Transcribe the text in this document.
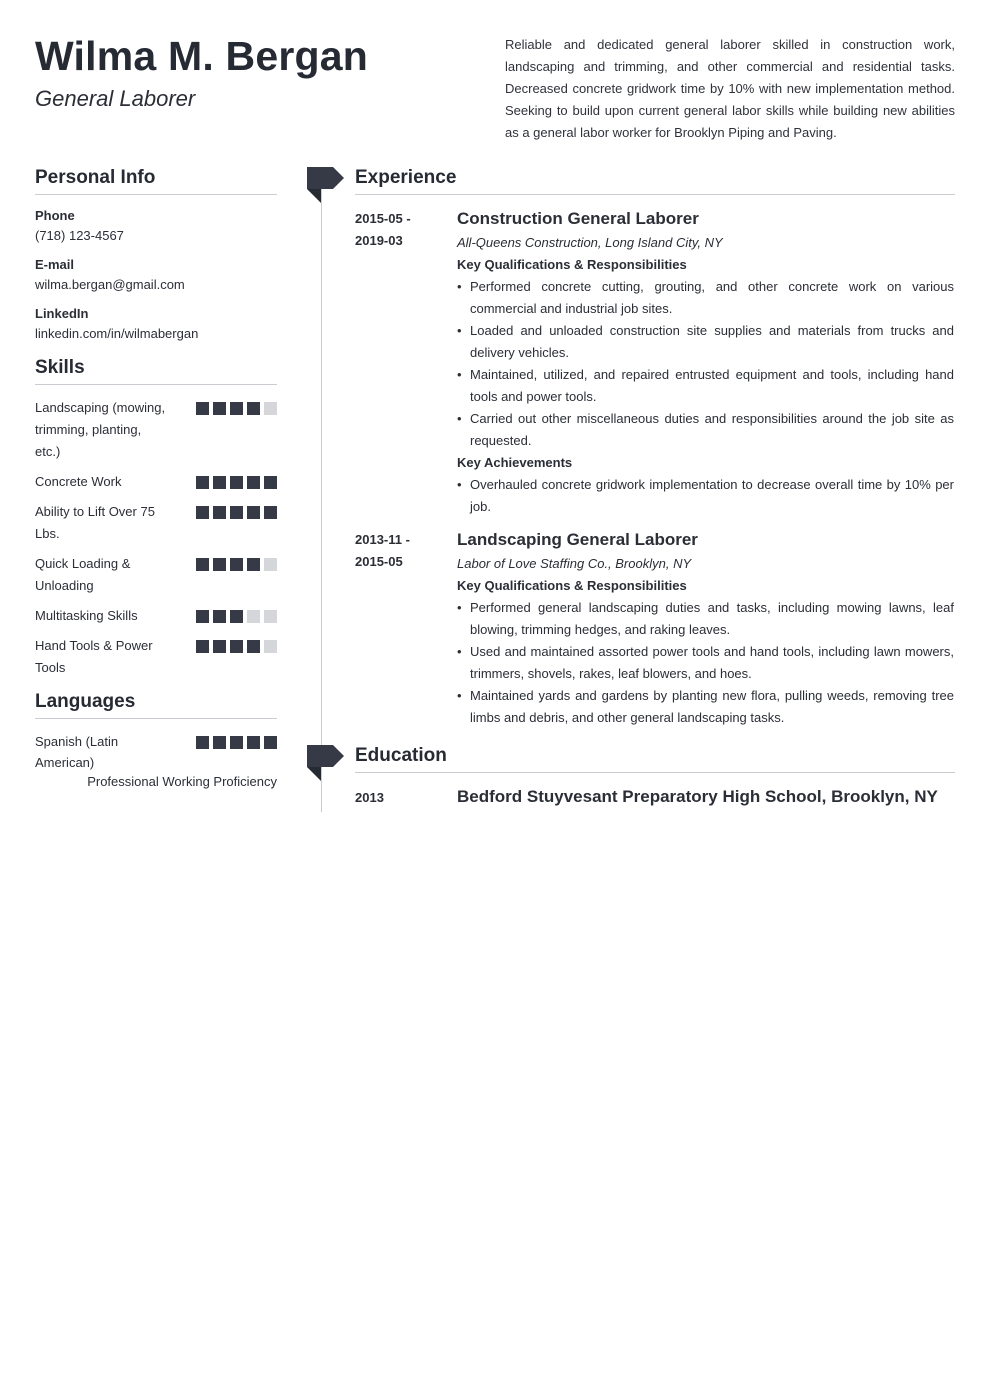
Wilma M. Bergan
General Laborer
Reliable and dedicated general laborer skilled in construction work, landscaping and trimming, and other commercial and residential tasks. Decreased concrete gridwork time by 10% with new implementation method. Seeking to build upon current general labor skills while building new abilities as a general labor worker for Brooklyn Piping and Paving.
Personal Info
Phone
(718) 123-4567
E-mail
wilma.bergan@gmail.com
LinkedIn
linkedin.com/in/wilmabergan
Skills
Landscaping (mowing, trimming, planting, etc.)
Concrete Work
Ability to Lift Over 75 Lbs.
Quick Loading & Unloading
Multitasking Skills
Hand Tools & Power Tools
Languages
Spanish (Latin American)
Professional Working Proficiency
Experience
2015-05 - 2019-03
Construction General Laborer
All-Queens Construction, Long Island City, NY
Key Qualifications & Responsibilities
• Performed concrete cutting, grouting, and other concrete work on various commercial and industrial job sites.
• Loaded and unloaded construction site supplies and materials from trucks and delivery vehicles.
• Maintained, utilized, and repaired entrusted equipment and tools, including hand tools and power tools.
• Carried out other miscellaneous duties and responsibilities around the job site as requested.
Key Achievements
• Overhauled concrete gridwork implementation to decrease overall time by 10% per job.
2013-11 - 2015-05
Landscaping General Laborer
Labor of Love Staffing Co., Brooklyn, NY
Key Qualifications & Responsibilities
• Performed general landscaping duties and tasks, including mowing lawns, leaf blowing, trimming hedges, and raking leaves.
• Used and maintained assorted power tools and hand tools, including lawn mowers, trimmers, shovels, rakes, leaf blowers, and hoes.
• Maintained yards and gardens by planting new flora, pulling weeds, removing tree limbs and debris, and other general landscaping tasks.
Education
2013	Bedford Stuyvesant Preparatory High School, Brooklyn, NY
